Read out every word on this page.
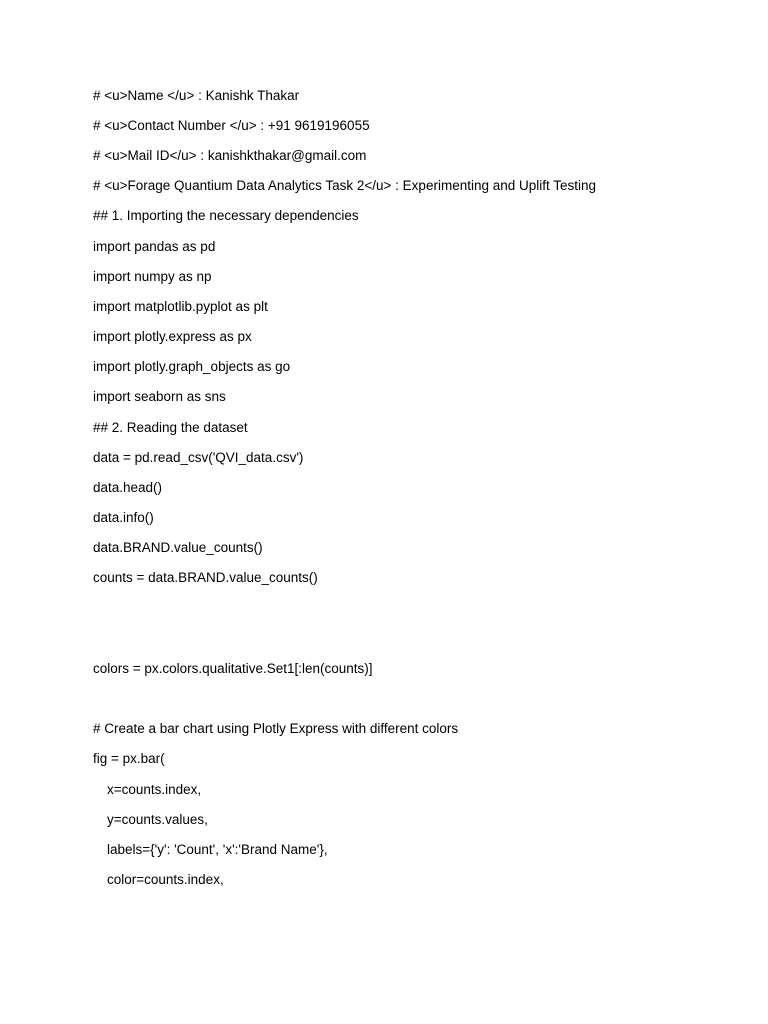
# <u>Name </u> : Kanishk Thakar
# <u>Contact Number </u> : +91 9619196055
# <u>Mail ID</u> : kanishkthakar@gmail.com
# <u>Forage Quantium Data Analytics Task 2</u> : Experimenting and Uplift Testing
## 1. Importing the necessary dependencies
import pandas as pd
import numpy as np
import matplotlib.pyplot as plt
import plotly.express as px
import plotly.graph_objects as go
import seaborn as sns
## 2. Reading the dataset
data = pd.read_csv('QVI_data.csv')
data.head()
data.info()
data.BRAND.value_counts()
counts = data.BRAND.value_counts()
colors = px.colors.qualitative.Set1[:len(counts)]
# Create a bar chart using Plotly Express with different colors
fig = px.bar(
x=counts.index,
y=counts.values,
labels={'y': 'Count', 'x':'Brand Name'},
color=counts.index,
